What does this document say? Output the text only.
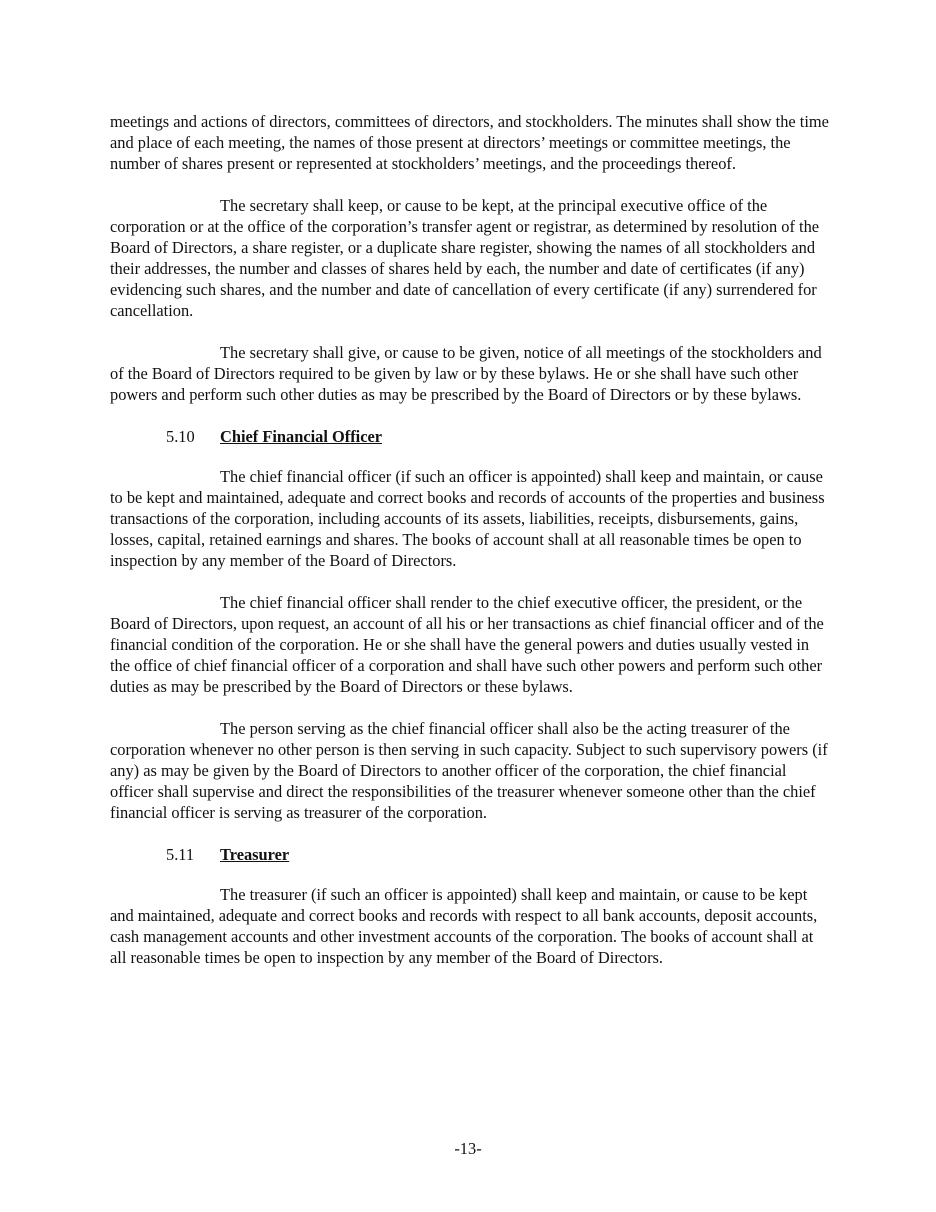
meetings and actions of directors, committees of directors, and stockholders. The minutes shall show the time and place of each meeting, the names of those present at directors’ meetings or committee meetings, the number of shares present or represented at stockholders’ meetings, and the proceedings thereof.

The secretary shall keep, or cause to be kept, at the principal executive office of the corporation or at the office of the corporation’s transfer agent or registrar, as determined by resolution of the Board of Directors, a share register, or a duplicate share register, showing the names of all stockholders and their addresses, the number and classes of shares held by each, the number and date of certificates (if any) evidencing such shares, and the number and date of cancellation of every certificate (if any) surrendered for cancellation.

The secretary shall give, or cause to be given, notice of all meetings of the stockholders and of the Board of Directors required to be given by law or by these bylaws. He or she shall have such other powers and perform such other duties as may be prescribed by the Board of Directors or by these bylaws.

5.10 Chief Financial Officer

The chief financial officer (if such an officer is appointed) shall keep and maintain, or cause to be kept and maintained, adequate and correct books and records of accounts of the properties and business transactions of the corporation, including accounts of its assets, liabilities, receipts, disbursements, gains, losses, capital, retained earnings and shares. The books of account shall at all reasonable times be open to inspection by any member of the Board of Directors.

The chief financial officer shall render to the chief executive officer, the president, or the Board of Directors, upon request, an account of all his or her transactions as chief financial officer and of the financial condition of the corporation. He or she shall have the general powers and duties usually vested in the office of chief financial officer of a corporation and shall have such other powers and perform such other duties as may be prescribed by the Board of Directors or these bylaws.

The person serving as the chief financial officer shall also be the acting treasurer of the corporation whenever no other person is then serving in such capacity. Subject to such supervisory powers (if any) as may be given by the Board of Directors to another officer of the corporation, the chief financial officer shall supervise and direct the responsibilities of the treasurer whenever someone other than the chief financial officer is serving as treasurer of the corporation.

5.11 Treasurer

The treasurer (if such an officer is appointed) shall keep and maintain, or cause to be kept and maintained, adequate and correct books and records with respect to all bank accounts, deposit accounts, cash management accounts and other investment accounts of the corporation. The books of account shall at all reasonable times be open to inspection by any member of the Board of Directors.

-13-
